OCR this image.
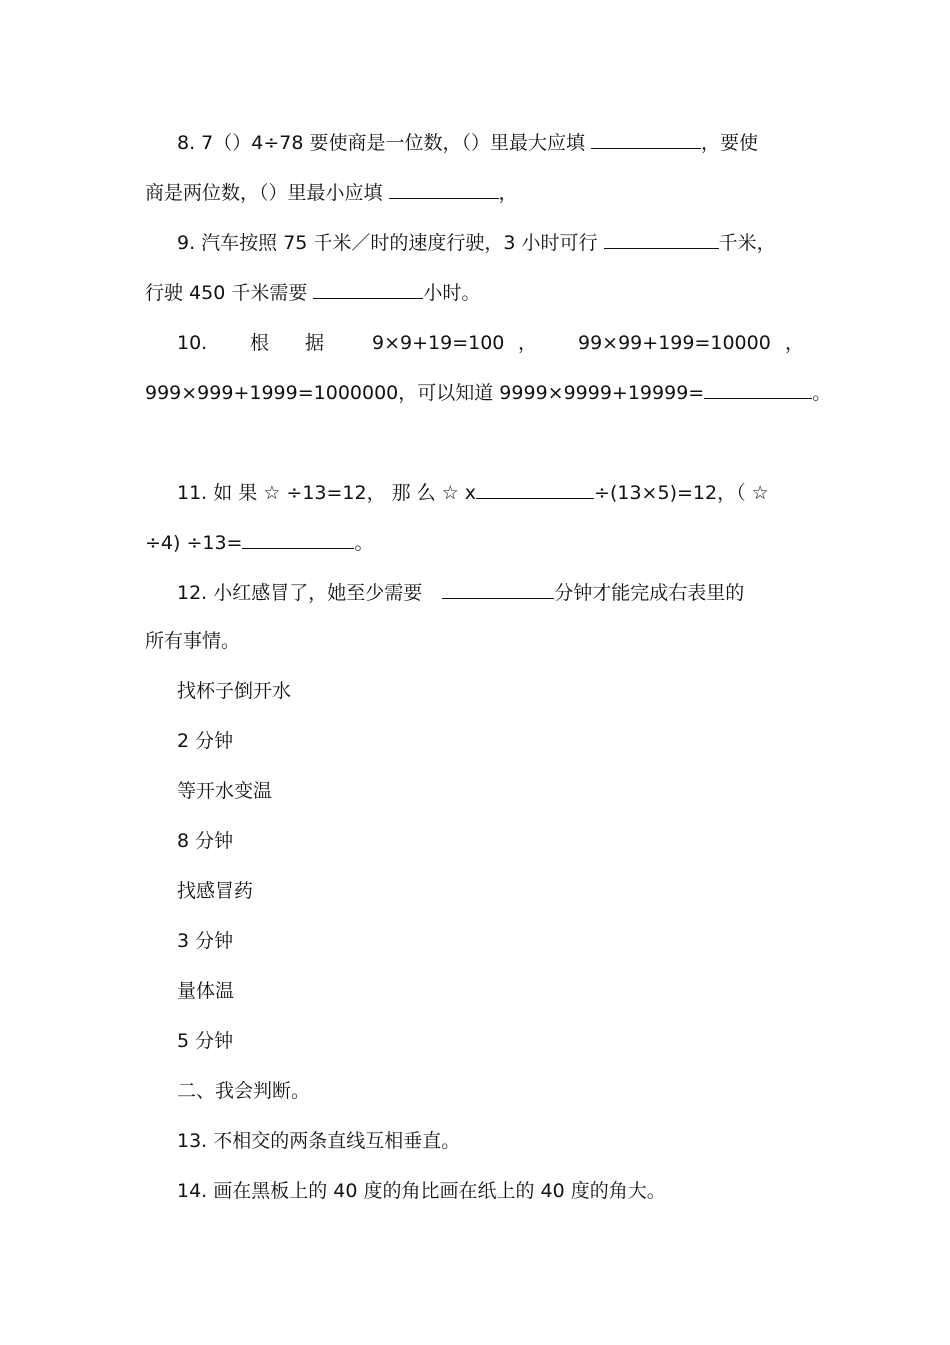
8. 7（）4÷78 要使商是一位数，（）里最大应填	，要使
商是两位数，（）里最小应填	，
9. 汽车按照 75 千米／时的速度行驶，3 小时可行	千米，
行驶 450 千米需要	小时。
10. 根 据	9×9+19=100 ， 99×99+199=10000 ，
999×999+1999=1000000，可以知道 9999×9999+19999=	。
11. 如 果 ☆ ÷13=12， 那 么 ☆ x	÷(13×5)=12，（ ☆
÷4) ÷13=	。
12. 小红感冒了，她至少需要	分钟才能完成右表里的
所有事情。
找杯子倒开水
2 分钟
等开水变温
8 分钟
找感冒药
3 分钟
量体温
5 分钟
二、我会判断。
13. 不相交的两条直线互相垂直。
14. 画在黑板上的 40 度的角比画在纸上的 40 度的角大。
